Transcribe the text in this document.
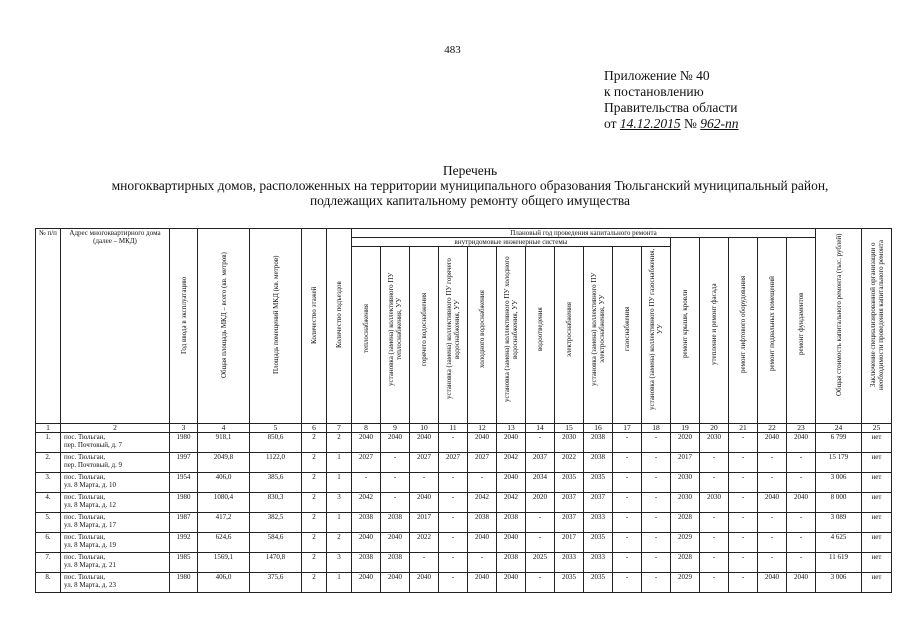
483
Приложение № 40
к постановлению
Правительства области
от 14.12.2015 № 962-пп
Перечень
многоквартирных домов, расположенных на территории муниципального образования Тюльганский муниципальный район,
подлежащих капитальному ремонту общего имущества
№ п/п	Адрес многоквартирного дома (далее – МКД)	Год ввода в эксплуатацию	Общая площадь МКД – всего (кв. метров)	Площадь помещений МКД (кв. метров)	Количество этажей	Количество подъездов	Плановый год проведения капитального ремонта																Общая стоимость капитального ремонта (тыс. рублей)	Заключение специализированной организации о необходимости проведения капитального ремонта

							внутридомовые инженерные системы											ремонт крыши, кровли	утепление и ремонт фасада	ремонт лифтового оборудования	ремонт подвальных помещений	ремонт фундаментов		

							теплоснабжения	установка (замена) коллективного ПУ теплоснабжения, УУ	горячего водоснабжения	установка (замена) коллективного ПУ горячего водоснабжения, УУ	холодного водоснабжения	установка (замена) коллективного ПУ холодного водоснабжения, УУ	водоотведения	электроснабжения	установка (замена) коллективного ПУ электроснабжения, УУ	газоснабжения	установка (замена) коллективного ПУ газоснабжения, УУ							

1	2	3	4	5	6	7	8	9	10	11	12	13	14	15	16	17	18	19	20	21	22	23	24	25
1.	пос. Тюльган,
пер. Почтовый, д. 7	1980	918,1	850,6	2	2	2040	2040	2040	-	2040	2040	-	2030	2038	-	-	2020	2030	-	2040	2040	6 799	нет
2.	пос. Тюльган,
пер. Почтовый, д. 9	1997	2049,8	1122,0	2	1	2027	-	2027	2027	2027	2042	2037	2022	2038	-	-	2017	-	-	-	-	15 179	нет
3.	пос. Тюльган,
ул. 8 Марта, д. 10	1954	406,0	385,6	2	1	-	-	-	-	-	2040	2034	2035	2035	-	-	2030	-	-	-	-	3 006	нет
4.	пос. Тюльган,
ул. 8 Марта, д. 12	1980	1080,4	830,3	2	3	2042	-	2040	-	2042	2042	2020	2037	2037	-	-	2030	2030	-	2040	2040	8 000	нет
5.	пос. Тюльган,
ул. 8 Марта, д. 17	1987	417,2	382,5	2	1	2038	2038	2017	-	2038	2038	-	2037	2033	-	-	2028	-	-	-	-	3 089	нет
6.	пос. Тюльган,
ул. 8 Марта, д. 19	1992	624,6	584,6	2	2	2040	2040	2022	-	2040	2040	-	2017	2035	-	-	2029	-	-	-	-	4 625	нет
7.	пос. Тюльган,
ул. 8 Марта, д. 21	1985	1569,1	1470,8	2	3	2038	2038	-	-	-	2038	2025	2033	2033	-	-	2028	-	-	-	-	11 619	нет
8.	пос. Тюльган,
ул. 8 Марта, д. 23	1980	406,0	375,6	2	1	2040	2040	2040	-	2040	2040	-	2035	2035	-	-	2029	-	-	2040	2040	3 006	нет
